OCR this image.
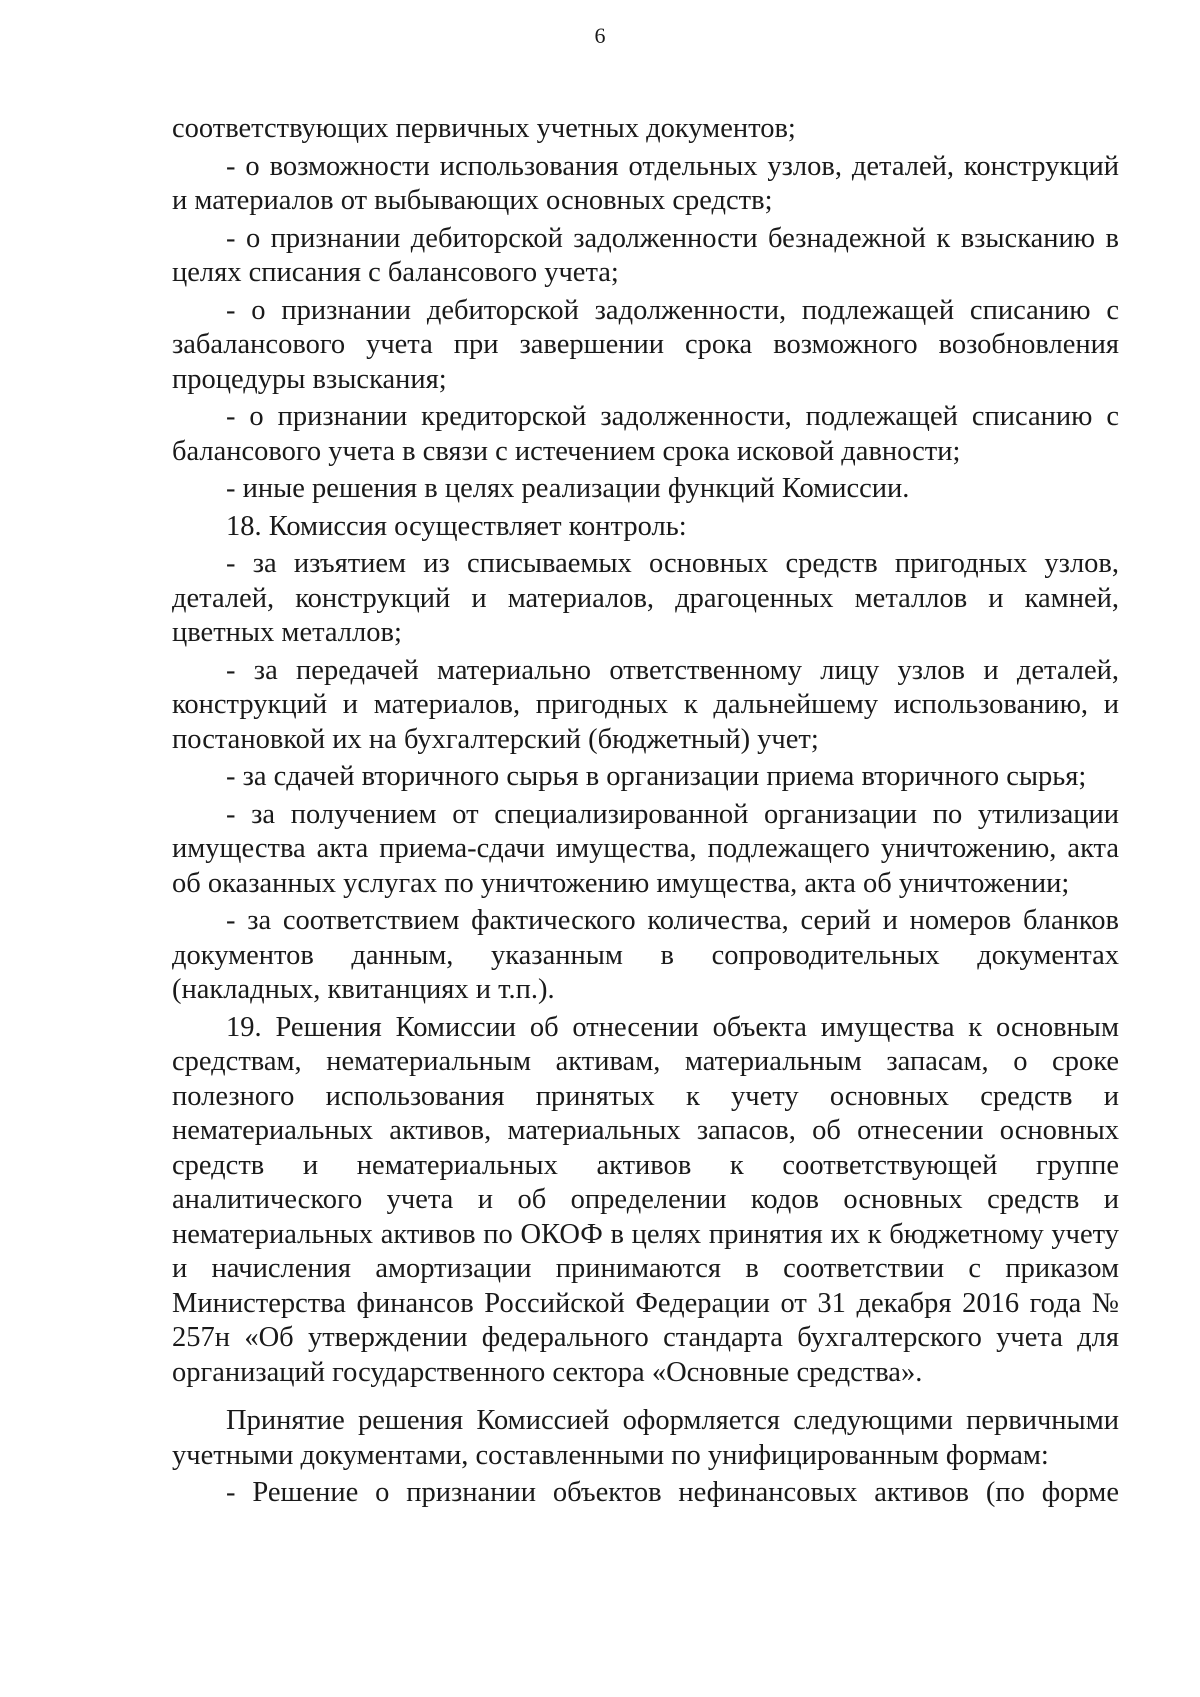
6

соответствующих первичных учетных документов;

- о возможности использования отдельных узлов, деталей, конструкций и материалов от выбывающих основных средств;

- о признании дебиторской задолженности безнадежной к взысканию в целях списания с балансового учета;

- о признании дебиторской задолженности, подлежащей списанию с забалансового учета при завершении срока возможного возобновления процедуры взыскания;

- о признании кредиторской задолженности, подлежащей списанию с балансового учета в связи с истечением срока исковой давности;

- иные решения в целях реализации функций Комиссии.

18. Комиссия осуществляет контроль:

- за изъятием из списываемых основных средств пригодных узлов, деталей, конструкций и материалов, драгоценных металлов и камней, цветных металлов;

- за передачей материально ответственному лицу узлов и деталей, конструкций и материалов, пригодных к дальнейшему использованию, и постановкой их на бухгалтерский (бюджетный) учет;

- за сдачей вторичного сырья в организации приема вторичного сырья;

- за получением от специализированной организации по утилизации имущества акта приема-сдачи имущества, подлежащего уничтожению, акта об оказанных услугах по уничтожению имущества, акта об уничтожении;

- за соответствием фактического количества, серий и номеров бланков документов данным, указанным в сопроводительных документах (накладных, квитанциях и т.п.).

19. Решения Комиссии об отнесении объекта имущества к основным средствам, нематериальным активам, материальным запасам, о сроке полезного использования принятых к учету основных средств и нематериальных активов, материальных запасов, об отнесении основных средств и нематериальных активов к соответствующей группе аналитического учета и об определении кодов основных средств и нематериальных активов по ОКОФ в целях принятия их к бюджетному учету и начисления амортизации принимаются в соответствии с приказом Министерства финансов Российской Федерации от 31 декабря 2016 года № 257н «Об утверждении федерального стандарта бухгалтерского учета для организаций государственного сектора «Основные средства».

Принятие решения Комиссией оформляется следующими первичными учетными документами, составленными по унифицированным формам:

- Решение о признании объектов нефинансовых активов (по форме
